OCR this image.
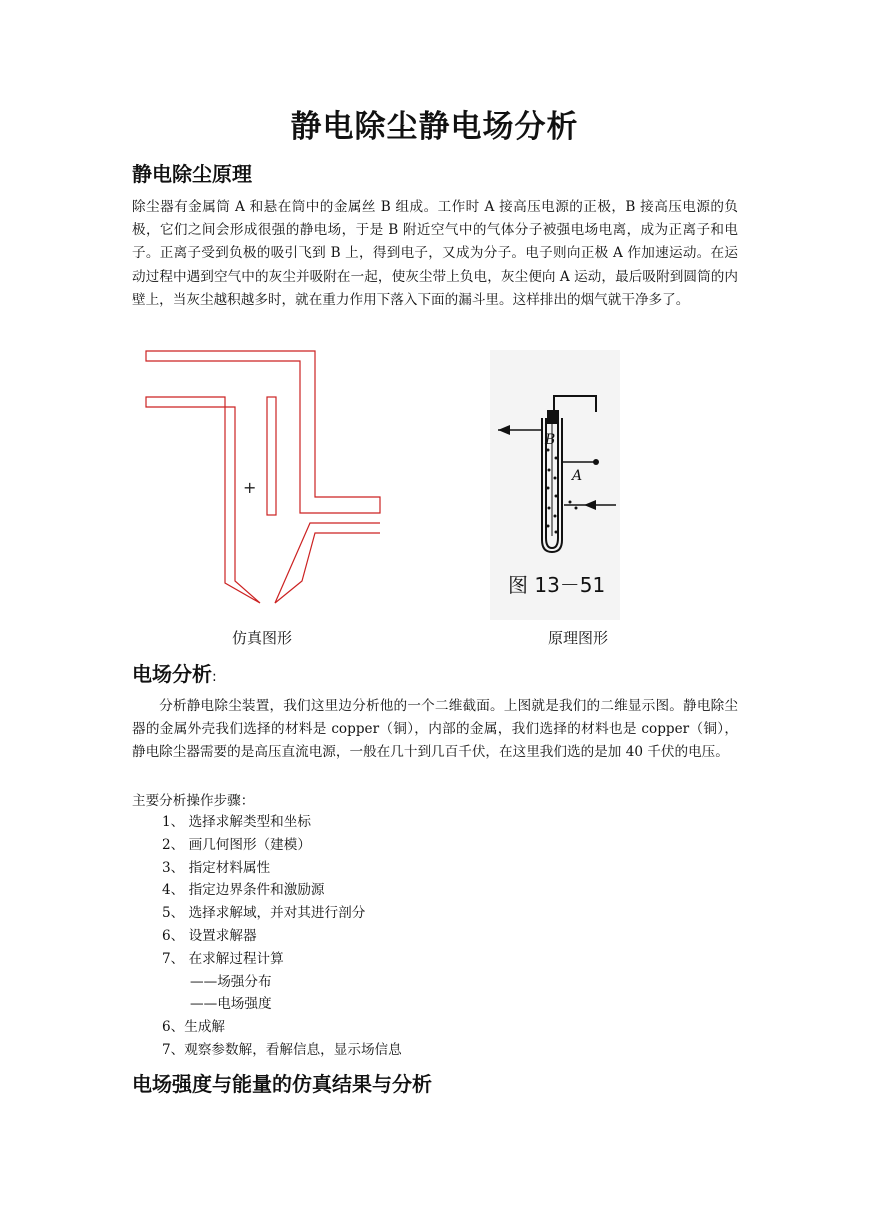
静电除尘静电场分析
静电除尘原理

除尘器有金属筒 A 和悬在筒中的金属丝 B 组成。工作时 A 接高压电源的正极，B 接高压电源的负极，它们之间会形成很强的静电场，于是 B 附近空气中的气体分子被强电场电离，成为正离子和电子。正离子受到负极的吸引飞到 B 上，得到电子，又成为分子。电子则向正极 A 作加速运动。在运动过程中遇到空气中的灰尘并吸附在一起，使灰尘带上负电，灰尘便向 A 运动，最后吸附到圆筒的内壁上，当灰尘越积越多时，就在重力作用下落入下面的漏斗里。这样排出的烟气就干净多了。

+
B
A
图 13－51
仿真图形	原理图形
电场分析:

分析静电除尘装置，我们这里边分析他的一个二维截面。上图就是我们的二维显示图。静电除尘器的金属外壳我们选择的材料是 copper（铜），内部的金属，我们选择的材料也是 copper（铜），静电除尘器需要的是高压直流电源，一般在几十到几百千伏，在这里我们选的是加 40 千伏的电压。

主要分析操作步骤：

1、 选择求解类型和坐标
2、 画几何图形（建模）
3、 指定材料属性
4、 指定边界条件和激励源
5、 选择求解域，并对其进行剖分
6、 设置求解器
7、 在求解过程计算
——场强分布
——电场强度
6、生成解
7、观察参数解，看解信息，显示场信息
电场强度与能量的仿真结果与分析
